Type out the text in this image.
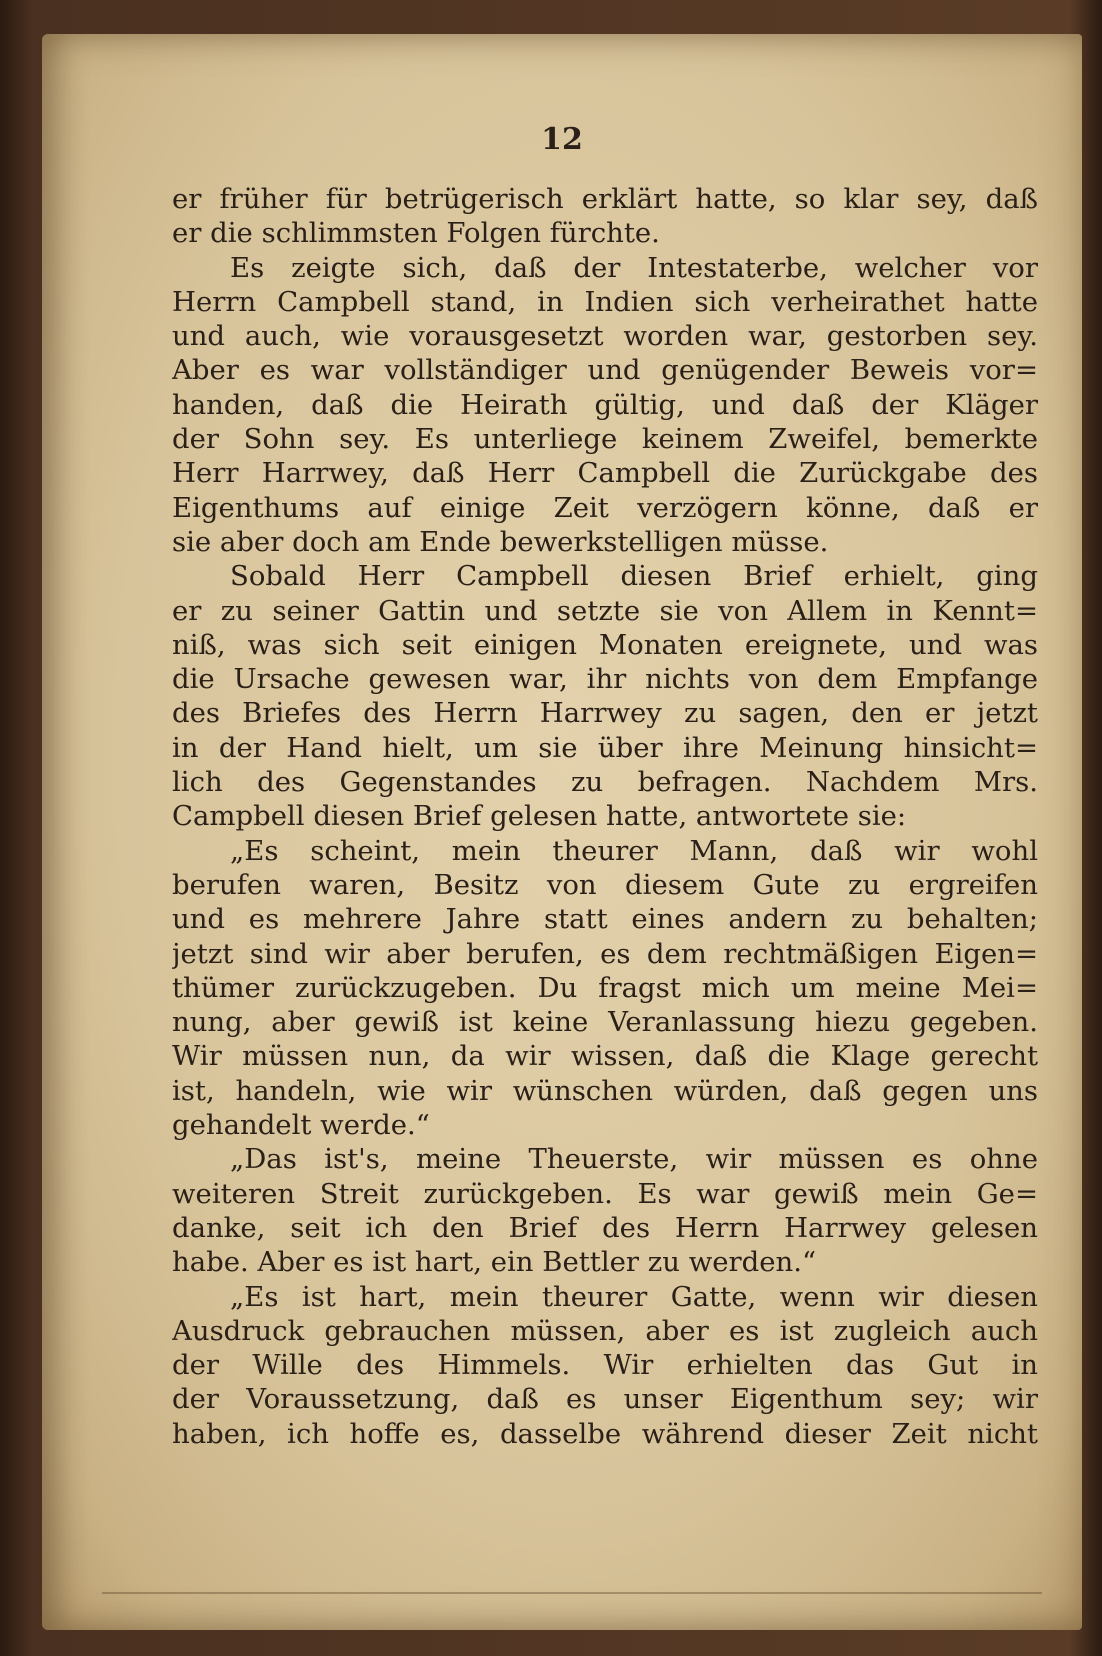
12
er früher für betrügerisch erklärt hatte, so klar sey, daß
er die schlimmsten Folgen fürchte.
Es zeigte sich, daß der Intestaterbe, welcher vor
Herrn Campbell stand, in Indien sich verheirathet hatte
und auch, wie vorausgesetzt worden war, gestorben sey.
Aber es war vollständiger und genügender Beweis vor=
handen, daß die Heirath gültig, und daß der Kläger
der Sohn sey. Es unterliege keinem Zweifel, bemerkte
Herr Harrwey, daß Herr Campbell die Zurückgabe des
Eigenthums auf einige Zeit verzögern könne, daß er
sie aber doch am Ende bewerkstelligen müsse.
Sobald Herr Campbell diesen Brief erhielt, ging
er zu seiner Gattin und setzte sie von Allem in Kennt=
niß, was sich seit einigen Monaten ereignete, und was
die Ursache gewesen war, ihr nichts von dem Empfange
des Briefes des Herrn Harrwey zu sagen, den er jetzt
in der Hand hielt, um sie über ihre Meinung hinsicht=
lich des Gegenstandes zu befragen. Nachdem Mrs.
Campbell diesen Brief gelesen hatte, antwortete sie:
„Es scheint, mein theurer Mann, daß wir wohl
berufen waren, Besitz von diesem Gute zu ergreifen
und es mehrere Jahre statt eines andern zu behalten;
jetzt sind wir aber berufen, es dem rechtmäßigen Eigen=
thümer zurückzugeben. Du fragst mich um meine Mei=
nung, aber gewiß ist keine Veranlassung hiezu gegeben.
Wir müssen nun, da wir wissen, daß die Klage gerecht
ist, handeln, wie wir wünschen würden, daß gegen uns
gehandelt werde.“
„Das ist's, meine Theuerste, wir müssen es ohne
weiteren Streit zurückgeben. Es war gewiß mein Ge=
danke, seit ich den Brief des Herrn Harrwey gelesen
habe. Aber es ist hart, ein Bettler zu werden.“
„Es ist hart, mein theurer Gatte, wenn wir diesen
Ausdruck gebrauchen müssen, aber es ist zugleich auch
der Wille des Himmels. Wir erhielten das Gut in
der Voraussetzung, daß es unser Eigenthum sey; wir
haben, ich hoffe es, dasselbe während dieser Zeit nicht
